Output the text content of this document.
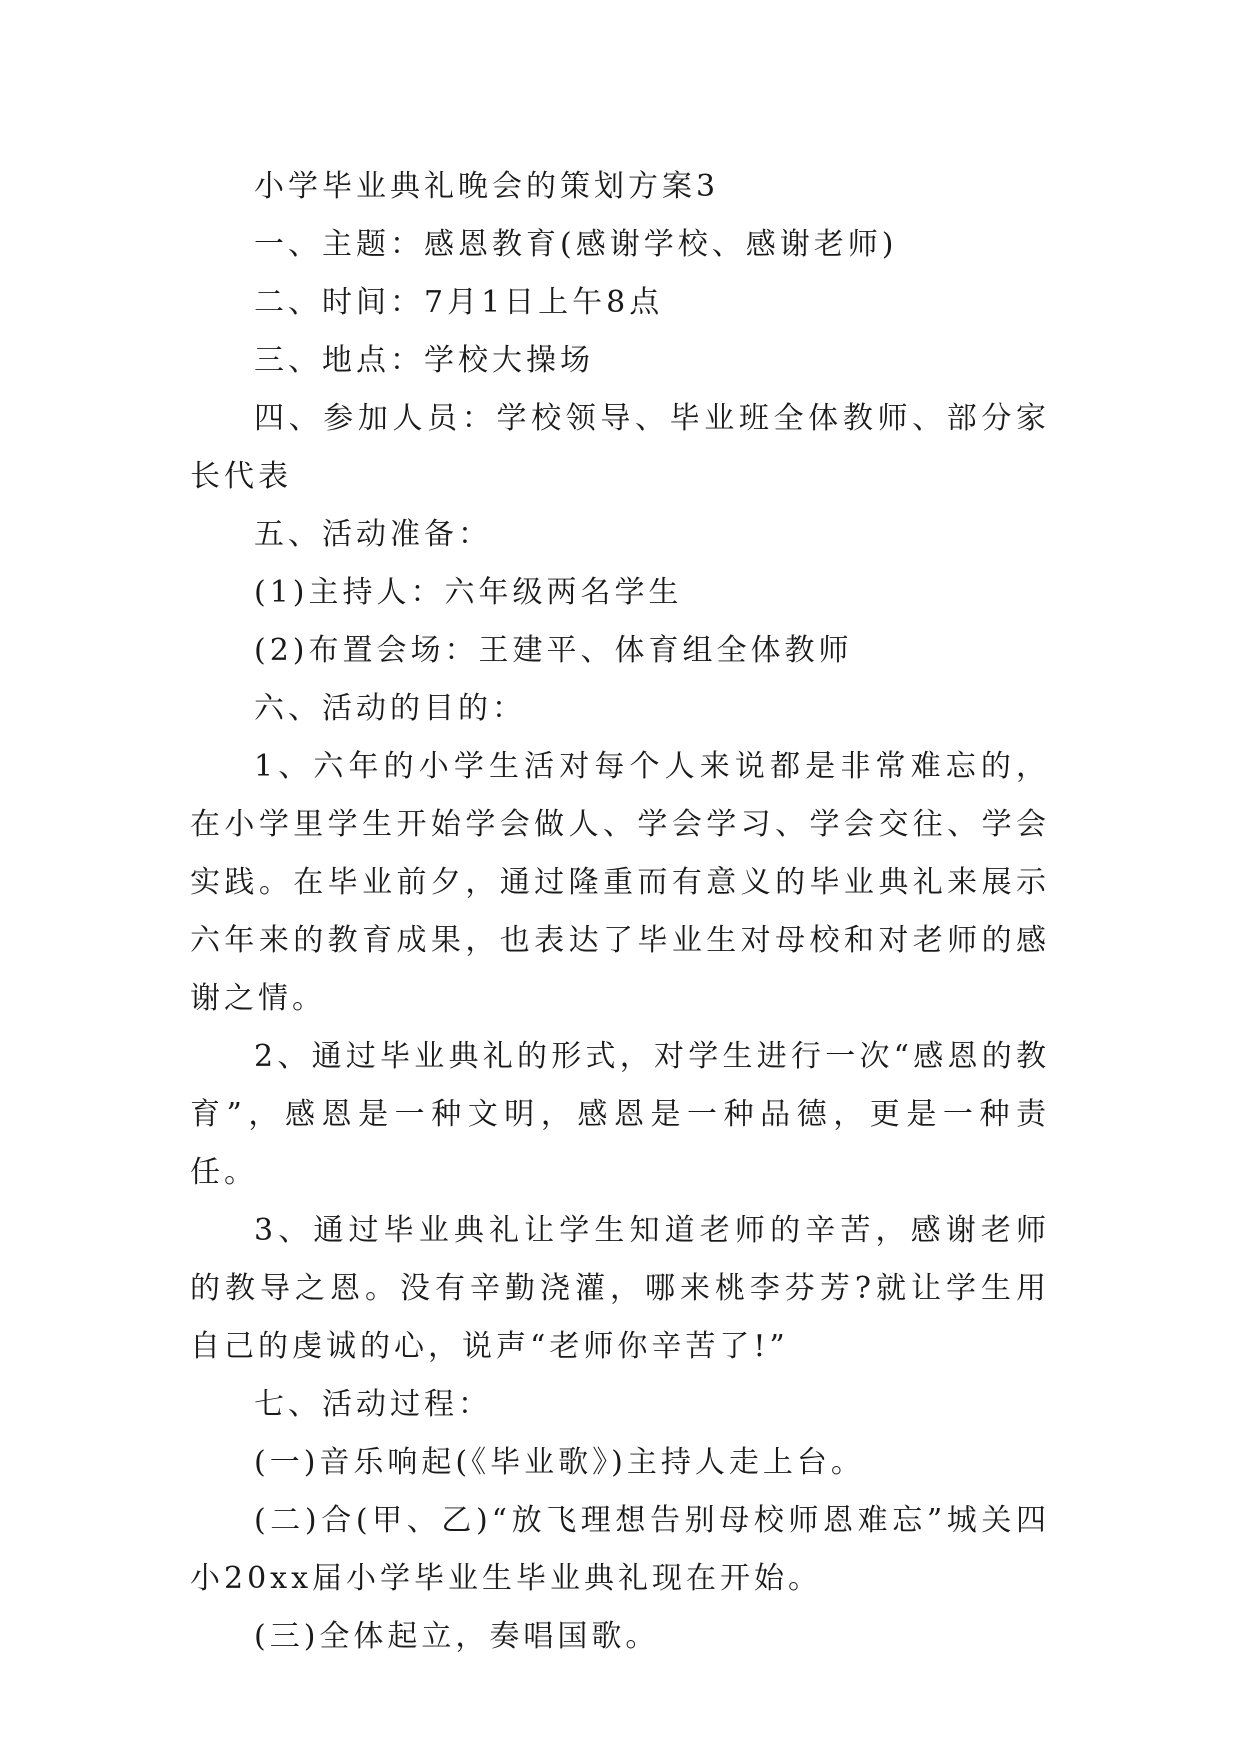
小学毕业典礼晚会的策划方案3

一、主题：感恩教育(感谢学校、感谢老师)

二、时间：7月1日上午8点

三、地点：学校大操场

四、参加人员：学校领导、毕业班全体教师、部分家长代表

五、活动准备：

(1)主持人：六年级两名学生

(2)布置会场：王建平、体育组全体教师

六、活动的目的：

1、六年的小学生活对每个人来说都是非常难忘的，在小学里学生开始学会做人、学会学习、学会交往、学会实践。在毕业前夕，通过隆重而有意义的毕业典礼来展示六年来的教育成果，也表达了毕业生对母校和对老师的感谢之情。

2、通过毕业典礼的形式，对学生进行一次“感恩的教育”，感恩是一种文明，感恩是一种品德，更是一种责任。

3、通过毕业典礼让学生知道老师的辛苦，感谢老师的教导之恩。没有辛勤浇灌，哪来桃李芬芳?就让学生用自己的虔诚的心，说声“老师你辛苦了!”

七、活动过程：

(一)音乐响起(《毕业歌》)主持人走上台。

(二)合(甲、乙)“放飞理想告别母校师恩难忘”城关四小20xx届小学毕业生毕业典礼现在开始。

(三)全体起立，奏唱国歌。
